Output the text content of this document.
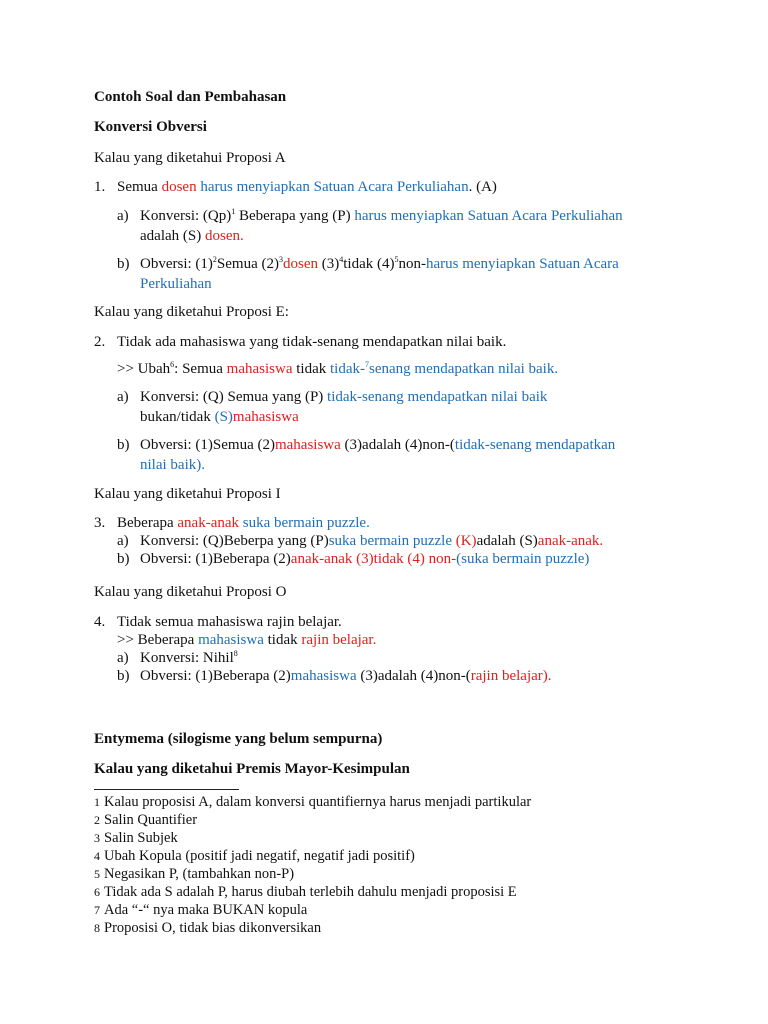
Contoh Soal dan Pembahasan
Konversi Obversi
Kalau yang diketahui Proposi A
1. Semua dosen harus menyiapkan Satuan Acara Perkuliahan. (A)
a) Konversi: $(Qp)^1$ Beberapa yang (P) harus menyiapkan Satuan Acara Perkuliahan
adalah (S) dosen.
b) Obversi: $(1)^2Semua$ $(2)^3dosen$ $(3)^4tidak$ $(4)^5non$-harus menyiapkan Satuan Acara
Perkuliahan
Kalau yang diketahui Proposi E:
2. Tidak ada mahasiswa yang tidak-senang mendapatkan nilai baik.
>> Ubah$^6$: Semua mahasiswa tidak tidak-$^7$senang mendapatkan nilai baik.
a) Konversi: (Q) Semua yang (P) tidak-senang mendapatkan nilai baik
bukan/tidak (S)mahasiswa
b) Obversi: (1)Semua (2)mahasiswa (3)adalah (4)non-(tidak-senang mendapatkan
nilai baik).
Kalau yang diketahui Proposi I
3. Beberapa anak-anak suka bermain puzzle.
a) Konversi: (Q)Beberpa yang (P)suka bermain puzzle (K)adalah (S)anak-anak.
b) Obversi: (1)Beberapa (2)anak-anak (3)tidak (4) non-(suka bermain puzzle)
Kalau yang diketahui Proposi O
4. Tidak semua mahasiswa rajin belajar.
>> Beberapa mahasiswa tidak rajin belajar.
a) Konversi: Nihil$^8$
b) Obversi: (1)Beberapa (2)mahasiswa (3)adalah (4)non-(rajin belajar).
Entymema (silogisme yang belum sempurna)
Kalau yang diketahui Premis Mayor-Kesimpulan
1 Kalau proposisi A, dalam konversi quantifiernya harus menjadi partikular
2 Salin Quantifier
3 Salin Subjek
4 Ubah Kopula (positif jadi negatif, negatif jadi positif)
5 Negasikan P, (tambahkan non-P)
6 Tidak ada S adalah P, harus diubah terlebih dahulu menjadi proposisi E
7 Ada “-“ nya maka BUKAN kopula
8 Proposisi O, tidak bias dikonversikan
